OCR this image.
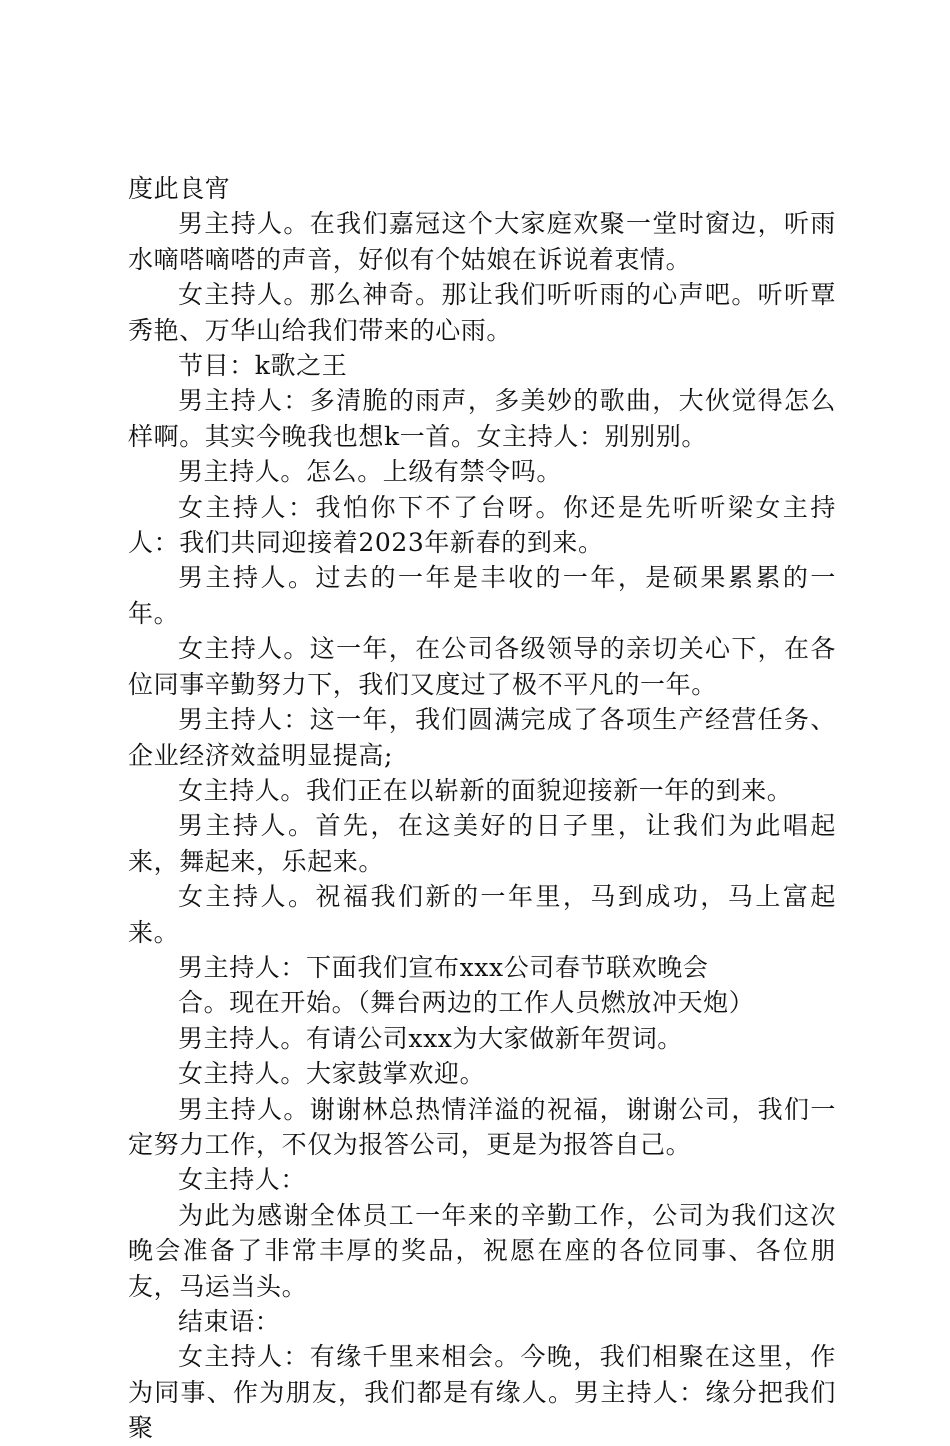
度此良宵

男主持人。在我们嘉冠这个大家庭欢聚一堂时窗边，听雨水嘀嗒嘀嗒的声音，好似有个姑娘在诉说着衷情。

女主持人。那么神奇。那让我们听听雨的心声吧。听听覃秀艳、万华山给我们带来的心雨。

节目：k歌之王

男主持人：多清脆的雨声，多美妙的歌曲，大伙觉得怎么样啊。其实今晚我也想k一首。女主持人：别别别。

男主持人。怎么。上级有禁令吗。

女主持人：我怕你下不了台呀。你还是先听听梁女主持人：我们共同迎接着2023年新春的到来。

男主持人。过去的一年是丰收的一年，是硕果累累的一年。

女主持人。这一年，在公司各级领导的亲切关心下，在各位同事辛勤努力下，我们又度过了极不平凡的一年。

男主持人：这一年，我们圆满完成了各项生产经营任务、企业经济效益明显提高;

女主持人。我们正在以崭新的面貌迎接新一年的到来。

男主持人。首先，在这美好的日子里，让我们为此唱起来，舞起来，乐起来。

女主持人。祝福我们新的一年里，马到成功，马上富起来。

男主持人：下面我们宣布xxx公司春节联欢晚会

合。现在开始。（舞台两边的工作人员燃放冲天炮）

男主持人。有请公司xxx为大家做新年贺词。

女主持人。大家鼓掌欢迎。

男主持人。谢谢林总热情洋溢的祝福，谢谢公司，我们一定努力工作，不仅为报答公司，更是为报答自己。

女主持人：

为此为感谢全体员工一年来的辛勤工作，公司为我们这次晚会准备了非常丰厚的奖品，祝愿在座的各位同事、各位朋友，马运当头。

结束语：

女主持人：有缘千里来相会。今晚，我们相聚在这里，作为同事、作为朋友，我们都是有缘人。男主持人：缘分把我们聚
